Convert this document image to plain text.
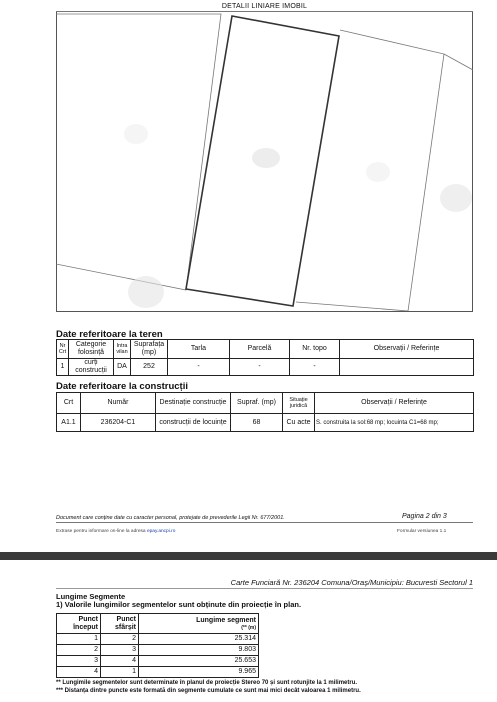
DETALII LINIARE IMOBIL
Date referitoare la teren
Nr Crt	Categorie folosință	Intra vilan	Suprafața (mp)	Tarla	Parcelă	Nr. topo	Observații / Referințe
1	curți construcții	DA	252	-	-	-	
Date referitoare la construcții
Crt	Număr	Destinație construcție	Supraf. (mp)	Situație juridică	Observații / Referințe
A1.1	236204-C1	construcții de locuințe	68	Cu acte	S. construita la sol:68 mp; locuinta C1=68 mp;
Document care conține date cu caracter personal, protejate de prevederile Legii Nr. 677/2001.	Pagina 2 din 3
Extrase pentru informare on-line la adresa epay.ancpi.ro	Formular versiunea 1.1
Carte Funciară Nr. 236204 Comuna/Oraș/Municipiu: Bucuresti Sectorul 1
Lungime Segmente
1) Valorile lungimilor segmentelor sunt obținute din proiecție în plan.
Punct început	Punct sfârșit	Lungime segment
(** (m)

1	2	25.314
2	3	9.803
3	4	25.653
4	1	9.965
** Lungimile segmentelor sunt determinate în planul de proiecție Stereo 70 și sunt rotunjite la 1 milimetru.
*** Distanța dintre puncte este formată din segmente cumulate ce sunt mai mici decât valoarea 1 milimetru.
